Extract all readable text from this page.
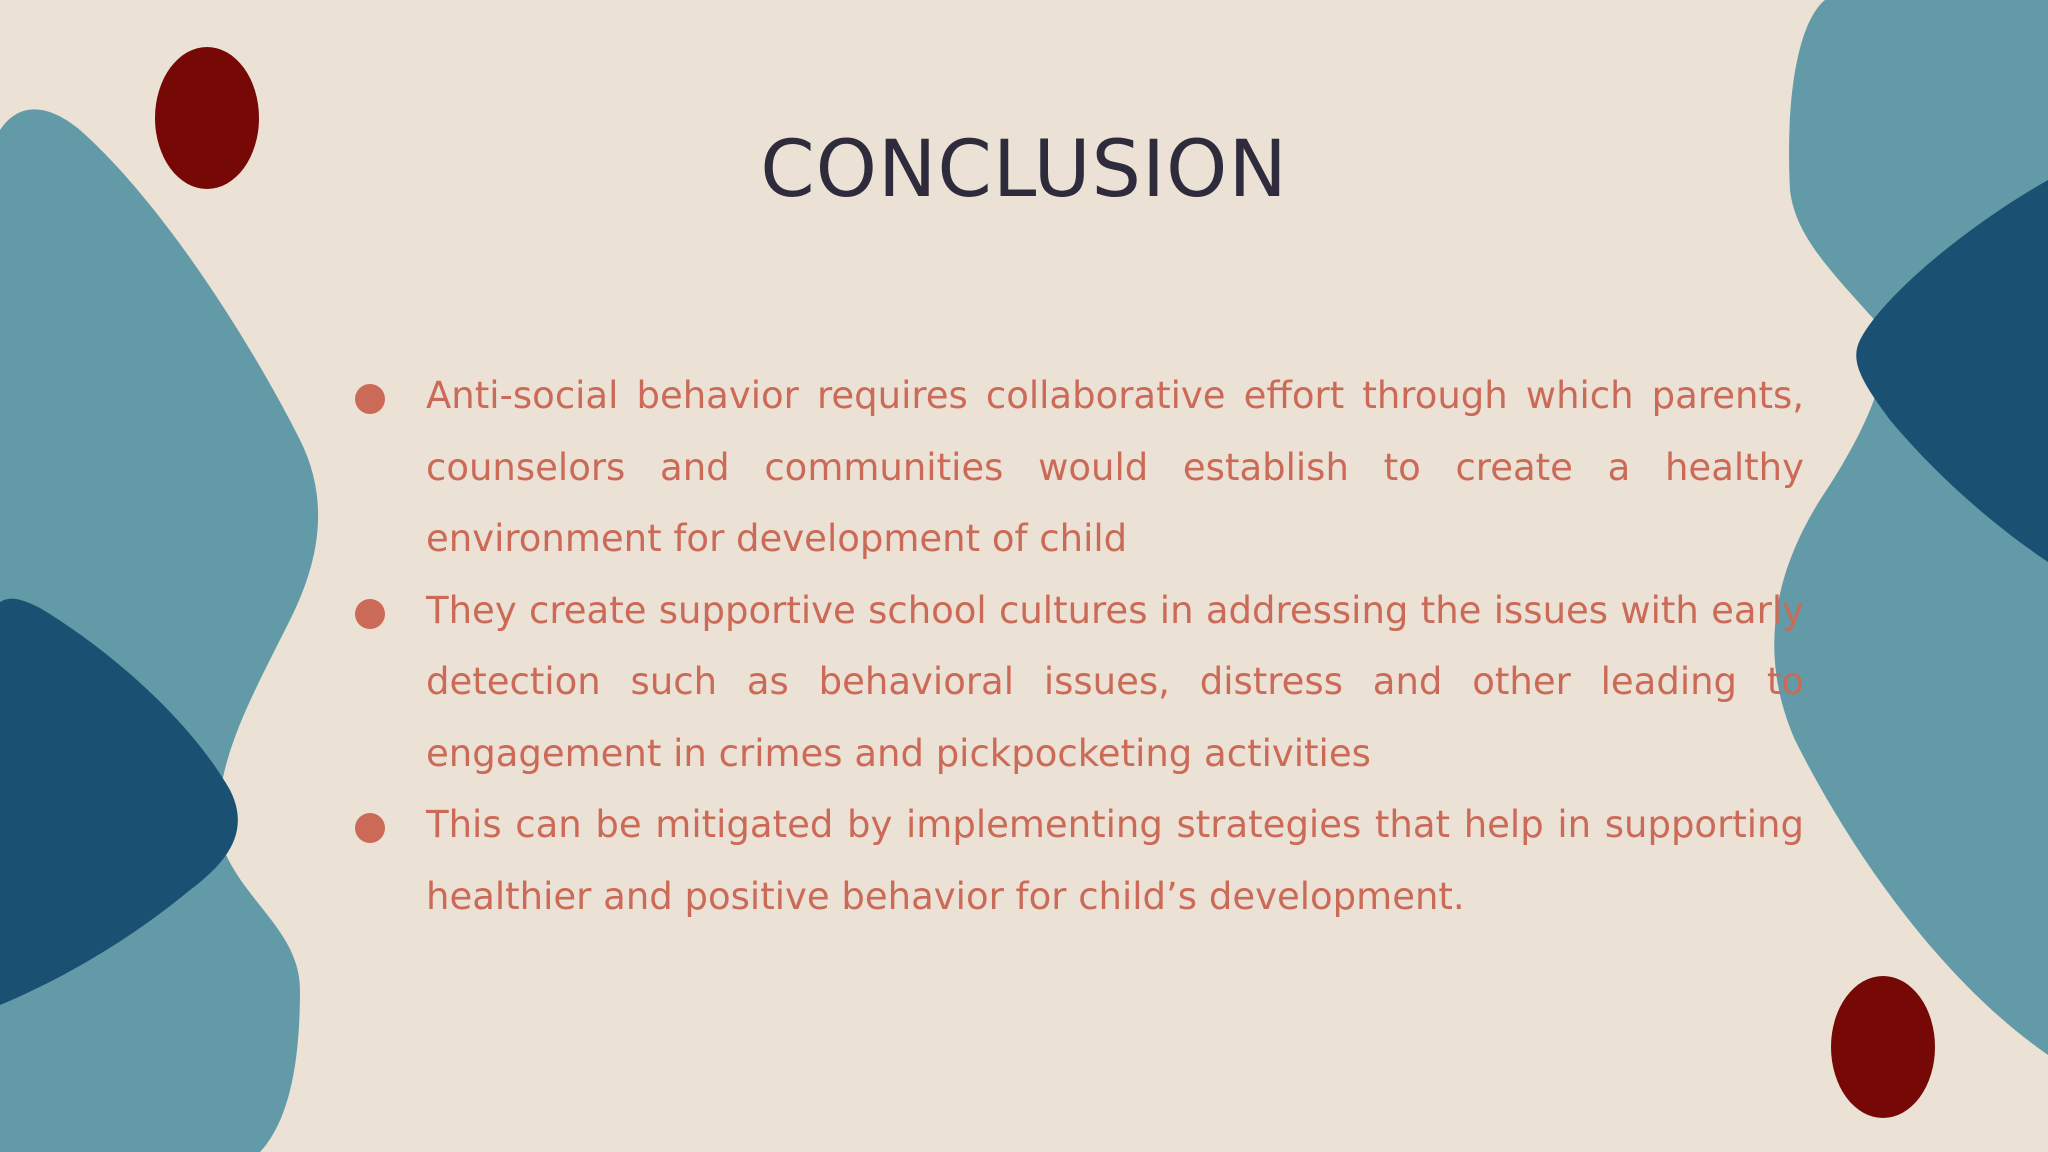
CONCLUSION
Anti-social behavior requires collaborative effort through which parents, counselors and communities would establish to create a healthy environment for development of child
They create supportive school cultures in addressing the issues with early detection such as behavioral issues, distress and other leading to engagement in crimes and pickpocketing activities
This can be mitigated by implementing strategies that help in supporting healthier and positive behavior for child’s development.
